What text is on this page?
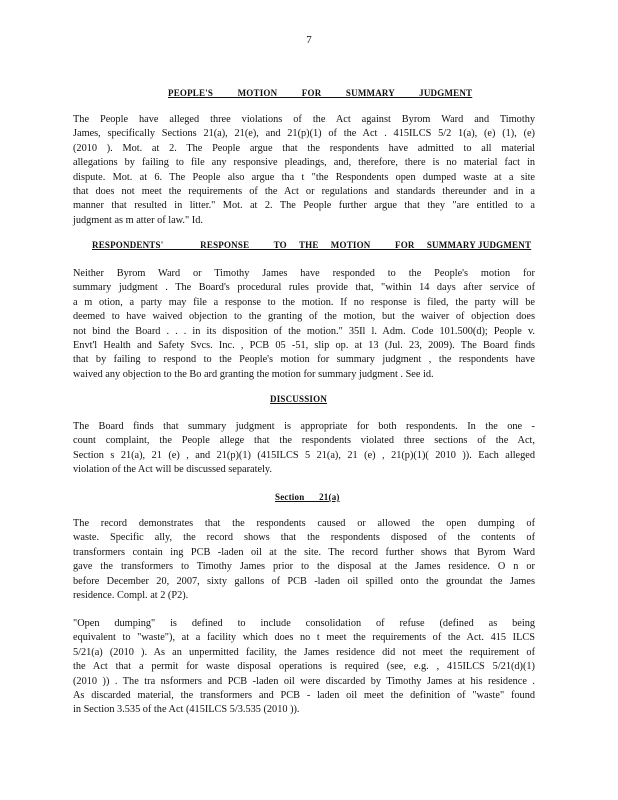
7
PEOPLE'S          MOTION          FOR          SUMMARY          JUDGMENT
The People have alleged three violations of the Act against Byrom Ward and Timothy
James, specifically Sections 21(a), 21(e), and 21(p)(1) of the Act . 415ILCS 5/2 1(a), (e) (1), (e)
(2010 ). Mot. at 2. The People argue that the respondents have admitted to all material
allegations by failing to file any responsive pleadings, and, therefore, there is no material fact in
dispute. Mot. at 6. The People also argue tha t "the Respondents open dumped waste at a site
that does not meet the requirements of the Act or regulations and standards thereunder and in a
manner that resulted in litter." Mot. at 2. The People further argue that they "are entitled to a
judgment as m atter of law." Id.
RESPONDENTS'               RESPONSE          TO     THE     MOTION          FOR     SUMMARY JUDGMENT
Neither Byrom Ward or Timothy James have responded to the People's motion for
summary judgment . The Board's procedural rules provide that, "within 14 days after service of
a m otion, a party may file a response to the motion. If no response is filed, the party will be
deemed to have waived objection to the granting of the motion, but the waiver of objection does
not bind the Board . . . in its disposition of the motion." 35Il l. Adm. Code 101.500(d); People v.
Envt'l Health and Safety Svcs. Inc. , PCB 05 -51, slip op. at 13 (Jul. 23, 2009). The Board finds
that by failing to respond to the People's motion for summary judgment , the respondents have
waived any objection to the Bo ard granting the motion for summary judgment . See id.
DISCUSSION
The Board finds that summary judgment is appropriate for both respondents. In the one -
count complaint, the People allege that the respondents violated three sections of the Act,
Section s 21(a), 21 (e) , and 21(p)(1) (415ILCS 5 21(a), 21 (e) , 21(p)(1)( 2010 )). Each alleged
violation of the Act will be discussed separately.
Section      21(a)
The record demonstrates that the respondents caused or allowed the open dumping of
waste. Specific ally, the record shows that the respondents disposed of the contents of
transformers contain ing PCB -laden oil at the site. The record further shows that Byrom Ward
gave the transformers to Timothy James prior to the disposal at the James residence. O n or
before December 20, 2007, sixty gallons of PCB -laden oil spilled onto the groundat the James
residence. Compl. at 2 (P2).
"Open dumping" is defined to include consolidation of refuse (defined as being
equivalent to "waste"), at a facility which does no t meet the requirements of the Act. 415 ILCS
5/21(a) (2010 ). As an unpermitted facility, the James residence did not meet the requirement of
the Act that a permit for waste disposal operations is required (see, e.g. , 415ILCS 5/21(d)(1)
(2010 )) . The tra nsformers and PCB -laden oil were discarded by Timothy James at his residence .
As discarded material, the transformers and PCB - laden oil meet the definition of "waste" found
in Section 3.535 of the Act (415ILCS 5/3.535 (2010 )).
